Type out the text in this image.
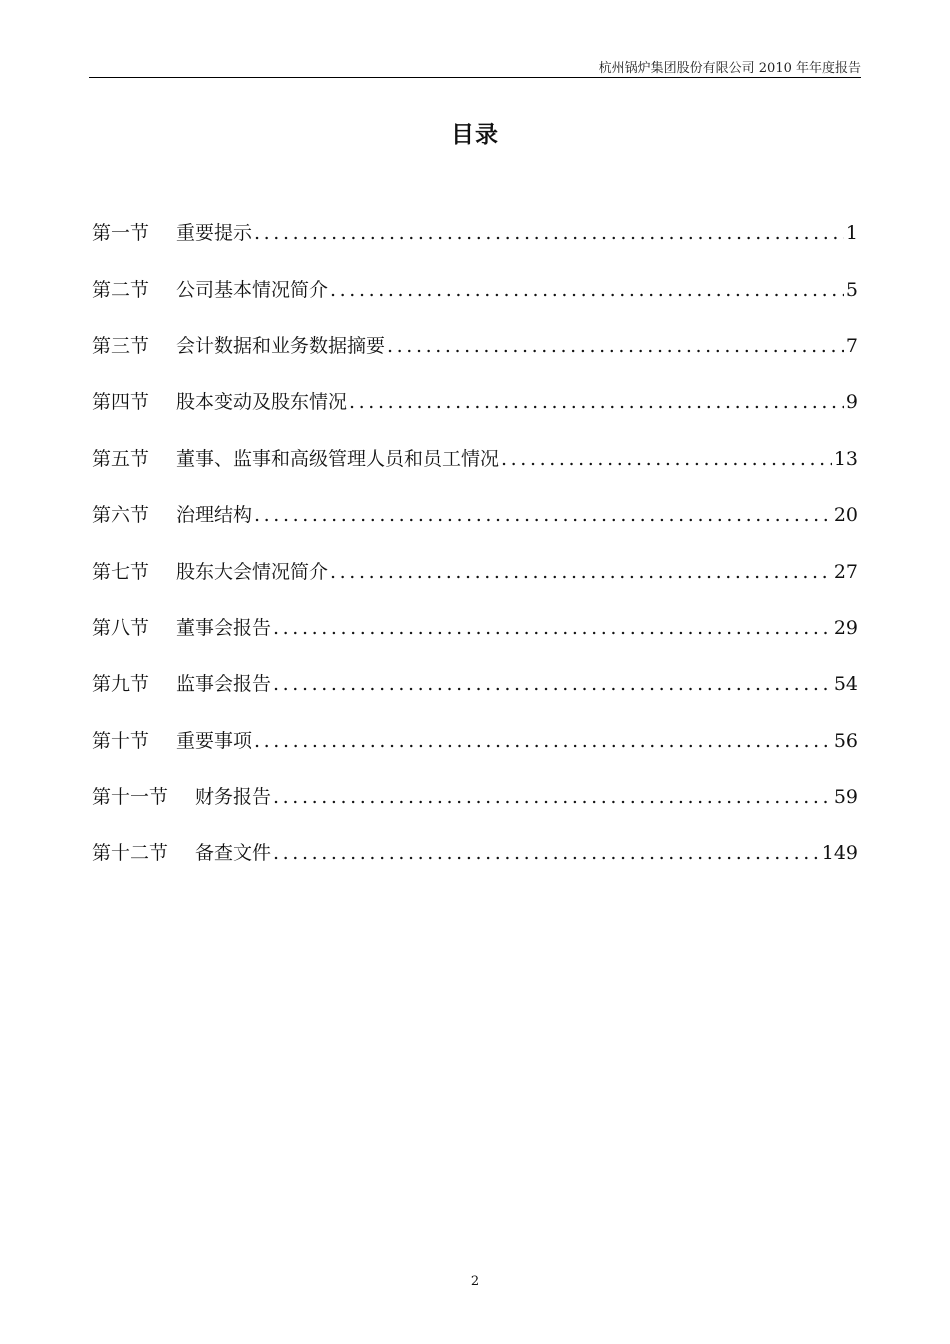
杭州锅炉集团股份有限公司 2010 年年度报告
目录
第一节 重要提示 .....	1
第二节 公司基本情况简介 .....	5
第三节 会计数据和业务数据摘要 .....	7
第四节 股本变动及股东情况 .....	9
第五节 董事、监事和高级管理人员和员工情况 .....	13
第六节 治理结构 .....	20
第七节 股东大会情况简介 .....	27
第八节 董事会报告 .....	29
第九节 监事会报告 .....	54
第十节 重要事项 .....	56
第十一节 财务报告 .....	59
第十二节 备查文件 .....	149
2
